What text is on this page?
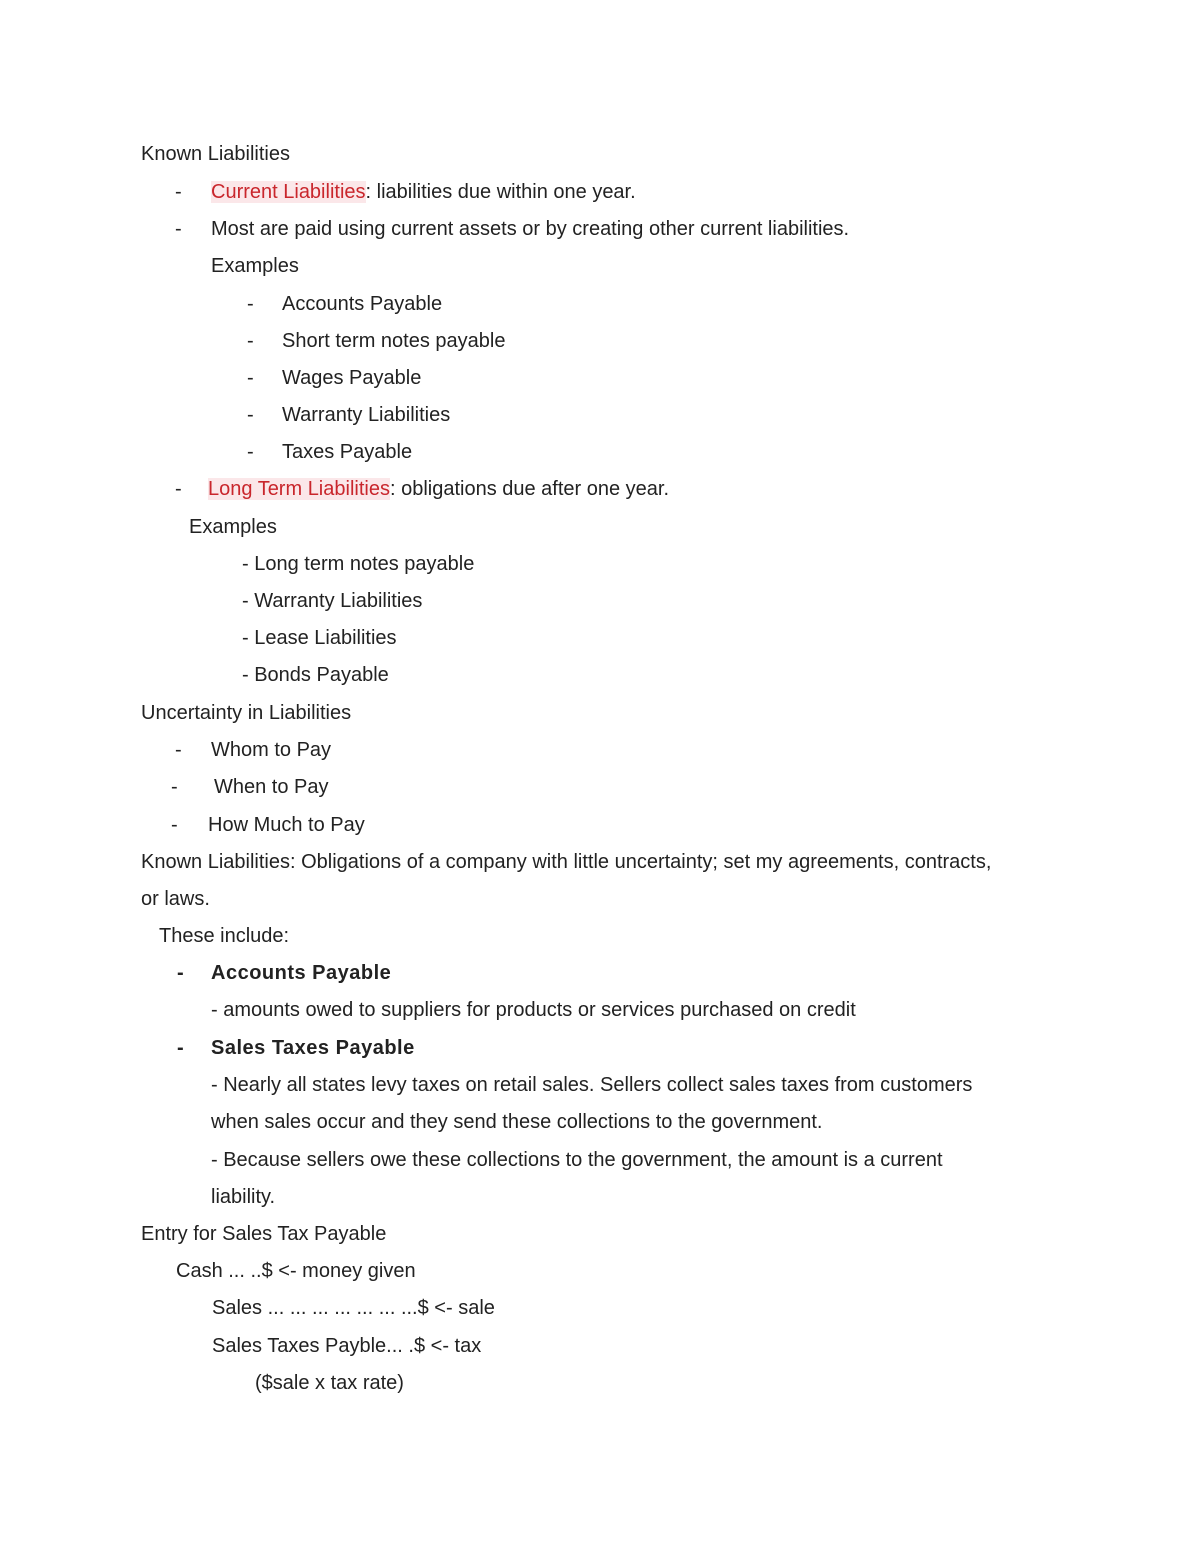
Known Liabilities
- Current Liabilities: liabilities due within one year.
- Most are paid using current assets or by creating other current liabilities.
Examples
- Accounts Payable
- Short term notes payable
- Wages Payable
- Warranty Liabilities
- Taxes Payable
- Long Term Liabilities: obligations due after one year.
Examples
- Long term notes payable
- Warranty Liabilities
- Lease Liabilities
- Bonds Payable
Uncertainty in Liabilities
- Whom to Pay
- When to Pay
- How Much to Pay
Known Liabilities: Obligations of a company with little uncertainty; set my agreements, contracts,
or laws.
These include:
- Accounts Payable
- amounts owed to suppliers for products or services purchased on credit
- Sales Taxes Payable
- Nearly all states levy taxes on retail sales. Sellers collect sales taxes from customers
when sales occur and they send these collections to the government.
- Because sellers owe these collections to the government, the amount is a current
liability.
Entry for Sales Tax Payable
Cash ... ..$ <- money given
Sales ... ... ... ... ... ... ...$ <- sale
Sales Taxes Payble... .$ <- tax
($sale x tax rate)
